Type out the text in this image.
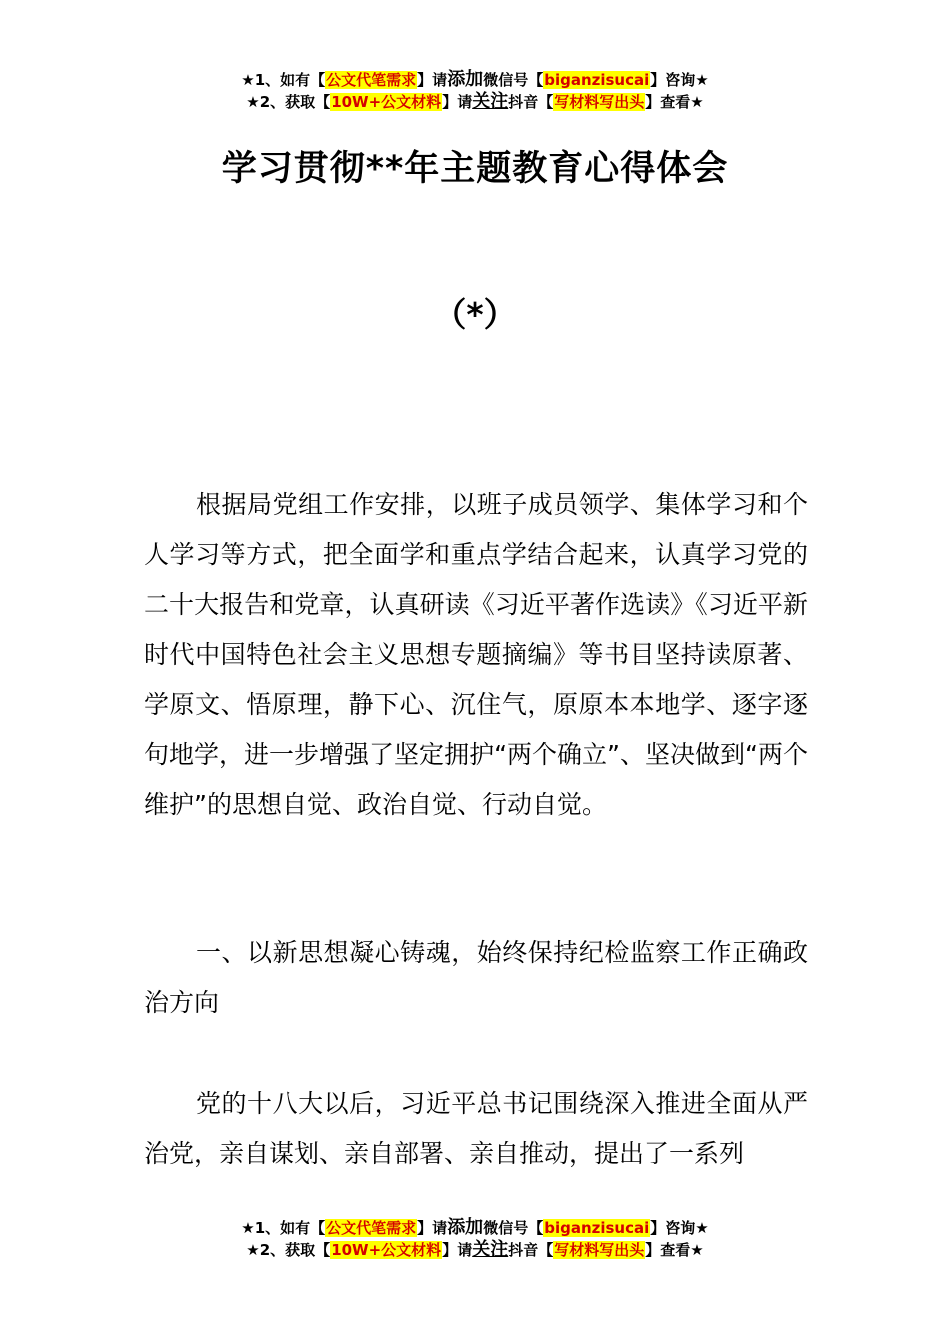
★1、如有【公文代笔需求】请添加微信号【biganzisucai】咨询★
★2、获取【10W+公文材料】请关注抖音【写材料写出头】查看★
学习贯彻**年主题教育心得体会
（*）

根据局党组工作安排，以班子成员领学、集体学习和个人学习等方式，把全面学和重点学结合起来，认真学习党的二十大报告和党章，认真研读《习近平著作选读》《习近平新时代中国特色社会主义思想专题摘编》等书目坚持读原著、学原文、悟原理，静下心、沉住气，原原本本地学、逐字逐句地学，进一步增强了坚定拥护“两个确立”、坚决做到“两个维护”的思想自觉、政治自觉、行动自觉。

一、以新思想凝心铸魂，始终保持纪检监察工作正确政治方向

党的十八大以后，习近平总书记围绕深入推进全面从严治党，亲自谋划、亲自部署、亲自推动，提出了一系列

★1、如有【公文代笔需求】请添加微信号【biganzisucai】咨询★
★2、获取【10W+公文材料】请关注抖音【写材料写出头】查看★
